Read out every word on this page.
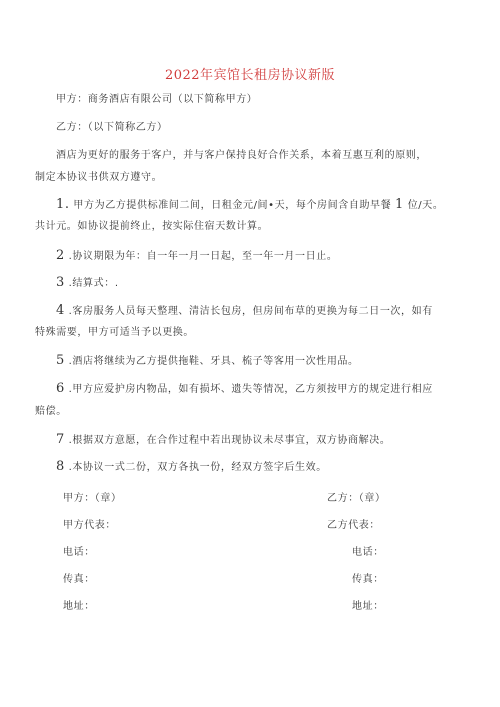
2022年宾馆长租房协议新版
甲方：商务酒店有限公司（以下简称甲方）
乙方：（以下简称乙方）
酒店为更好的服务于客户，并与客户保持良好合作关系，本着互惠互利的原则，
制定本协议书供双方遵守。
1. 甲方为乙方提供标准间二间，日租金元/间•天，每个房间含自助早餐 1 位/天。
共计元。如协议提前终止，按实际住宿天数计算。
2 .协议期限为年：自一年一月一日起，至一年一月一日止。
3 .结算式：.
4 .客房服务人员每天整理、清洁长包房，但房间布草的更换为每二日一次，如有
特殊需要，甲方可适当予以更换。
5 .酒店将继续为乙方提供拖鞋、牙具、梳子等客用一次性用品。
6 .甲方应爱护房内物品，如有损坏、遗失等情况，乙方须按甲方的规定进行相应
赔偿。
7 .根据双方意愿，在合作过程中若出现协议未尽事宜，双方协商解决。
8 .本协议一式二份，双方各执一份，经双方签字后生效。
甲方：（章）	乙方：（章）
甲方代表：	乙方代表：
电话：	电话：
传真：	传真：
地址：	地址：
